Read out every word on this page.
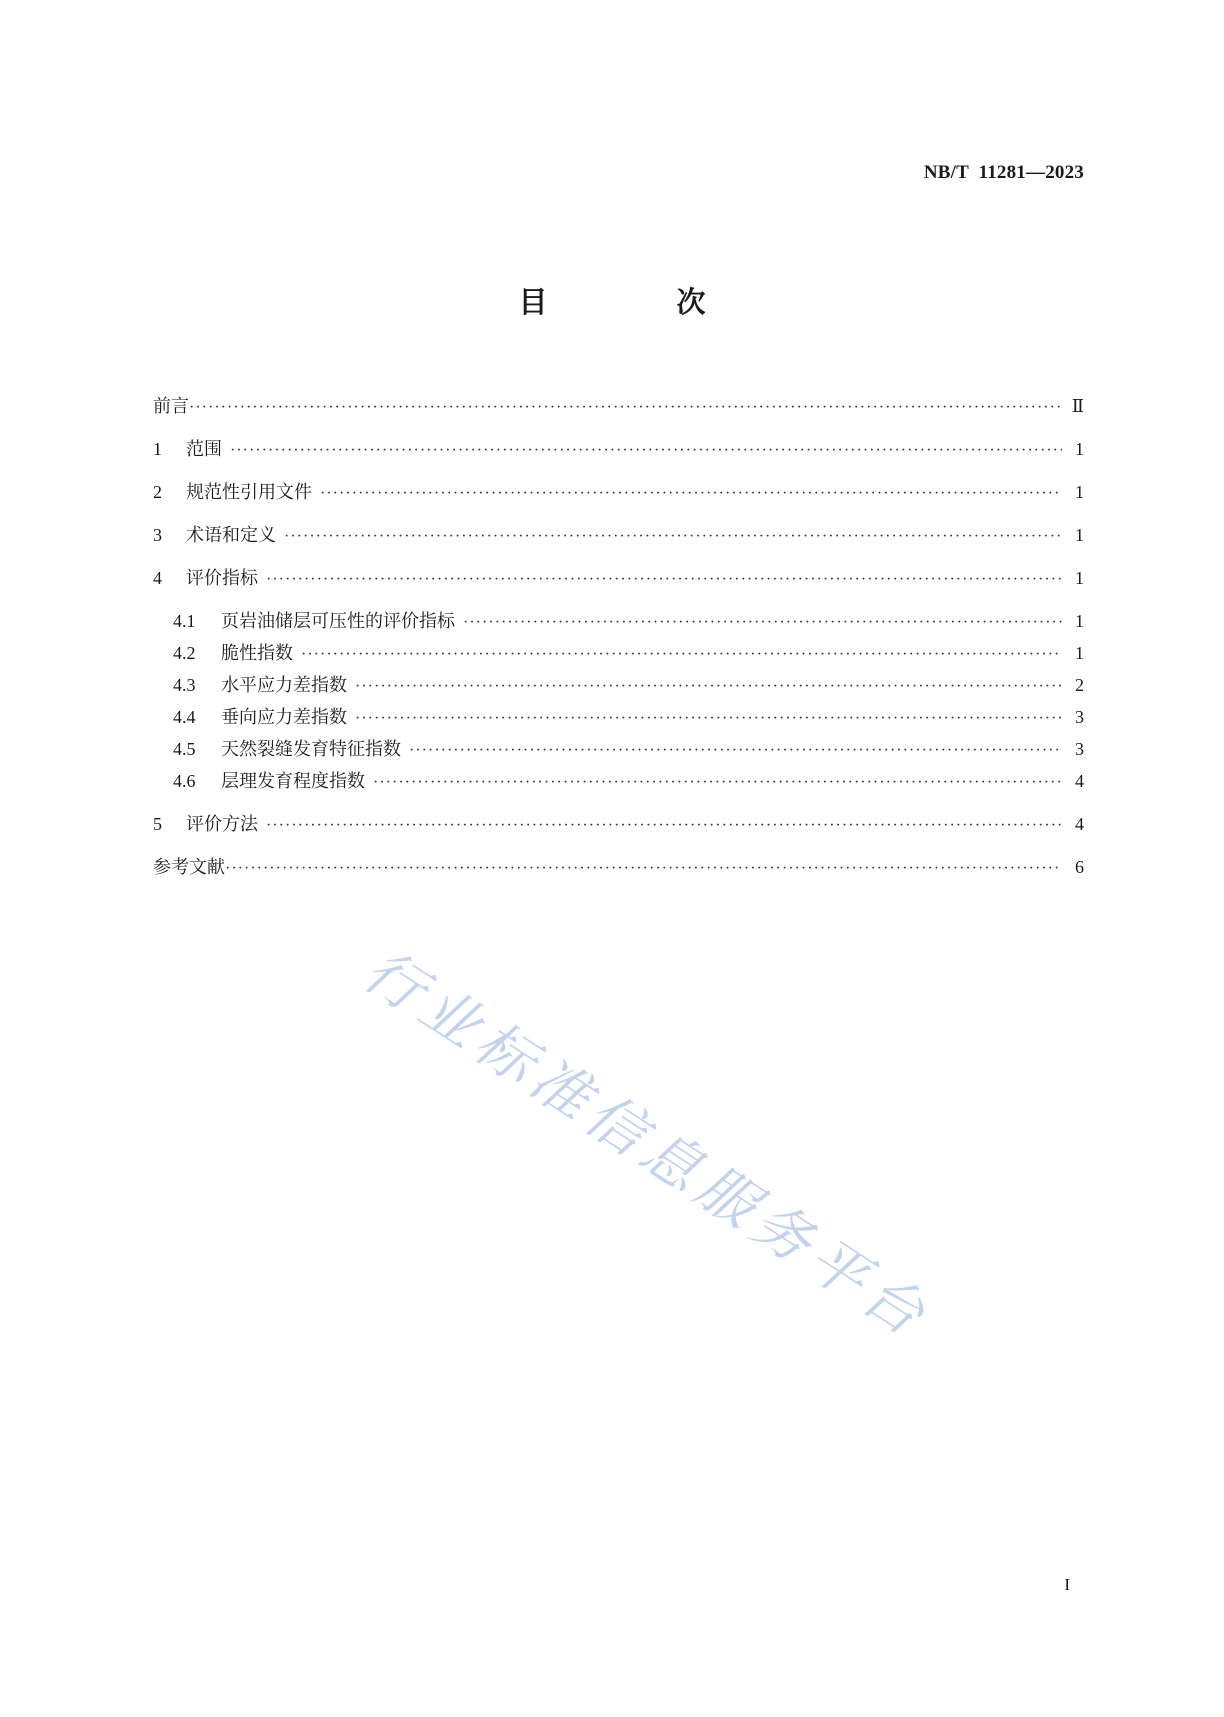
NB/T  11281—2023
目　次
前言 ·····	Ⅱ
1	范围 ·····	1
2	规范性引用文件 ·····	1
3	术语和定义 ·····	1
4	评价指标 ·····	1
4.1	页岩油储层可压性的评价指标 ·····	1
4.2	脆性指数 ·····	1
4.3	水平应力差指数 ·····	2
4.4	垂向应力差指数 ·····	3
4.5	天然裂缝发育特征指数 ·····	3
4.6	层理发育程度指数 ·····	4
5	评价方法 ·····	4
参考文献 ·····	6
行业标准信息服务平台
I
